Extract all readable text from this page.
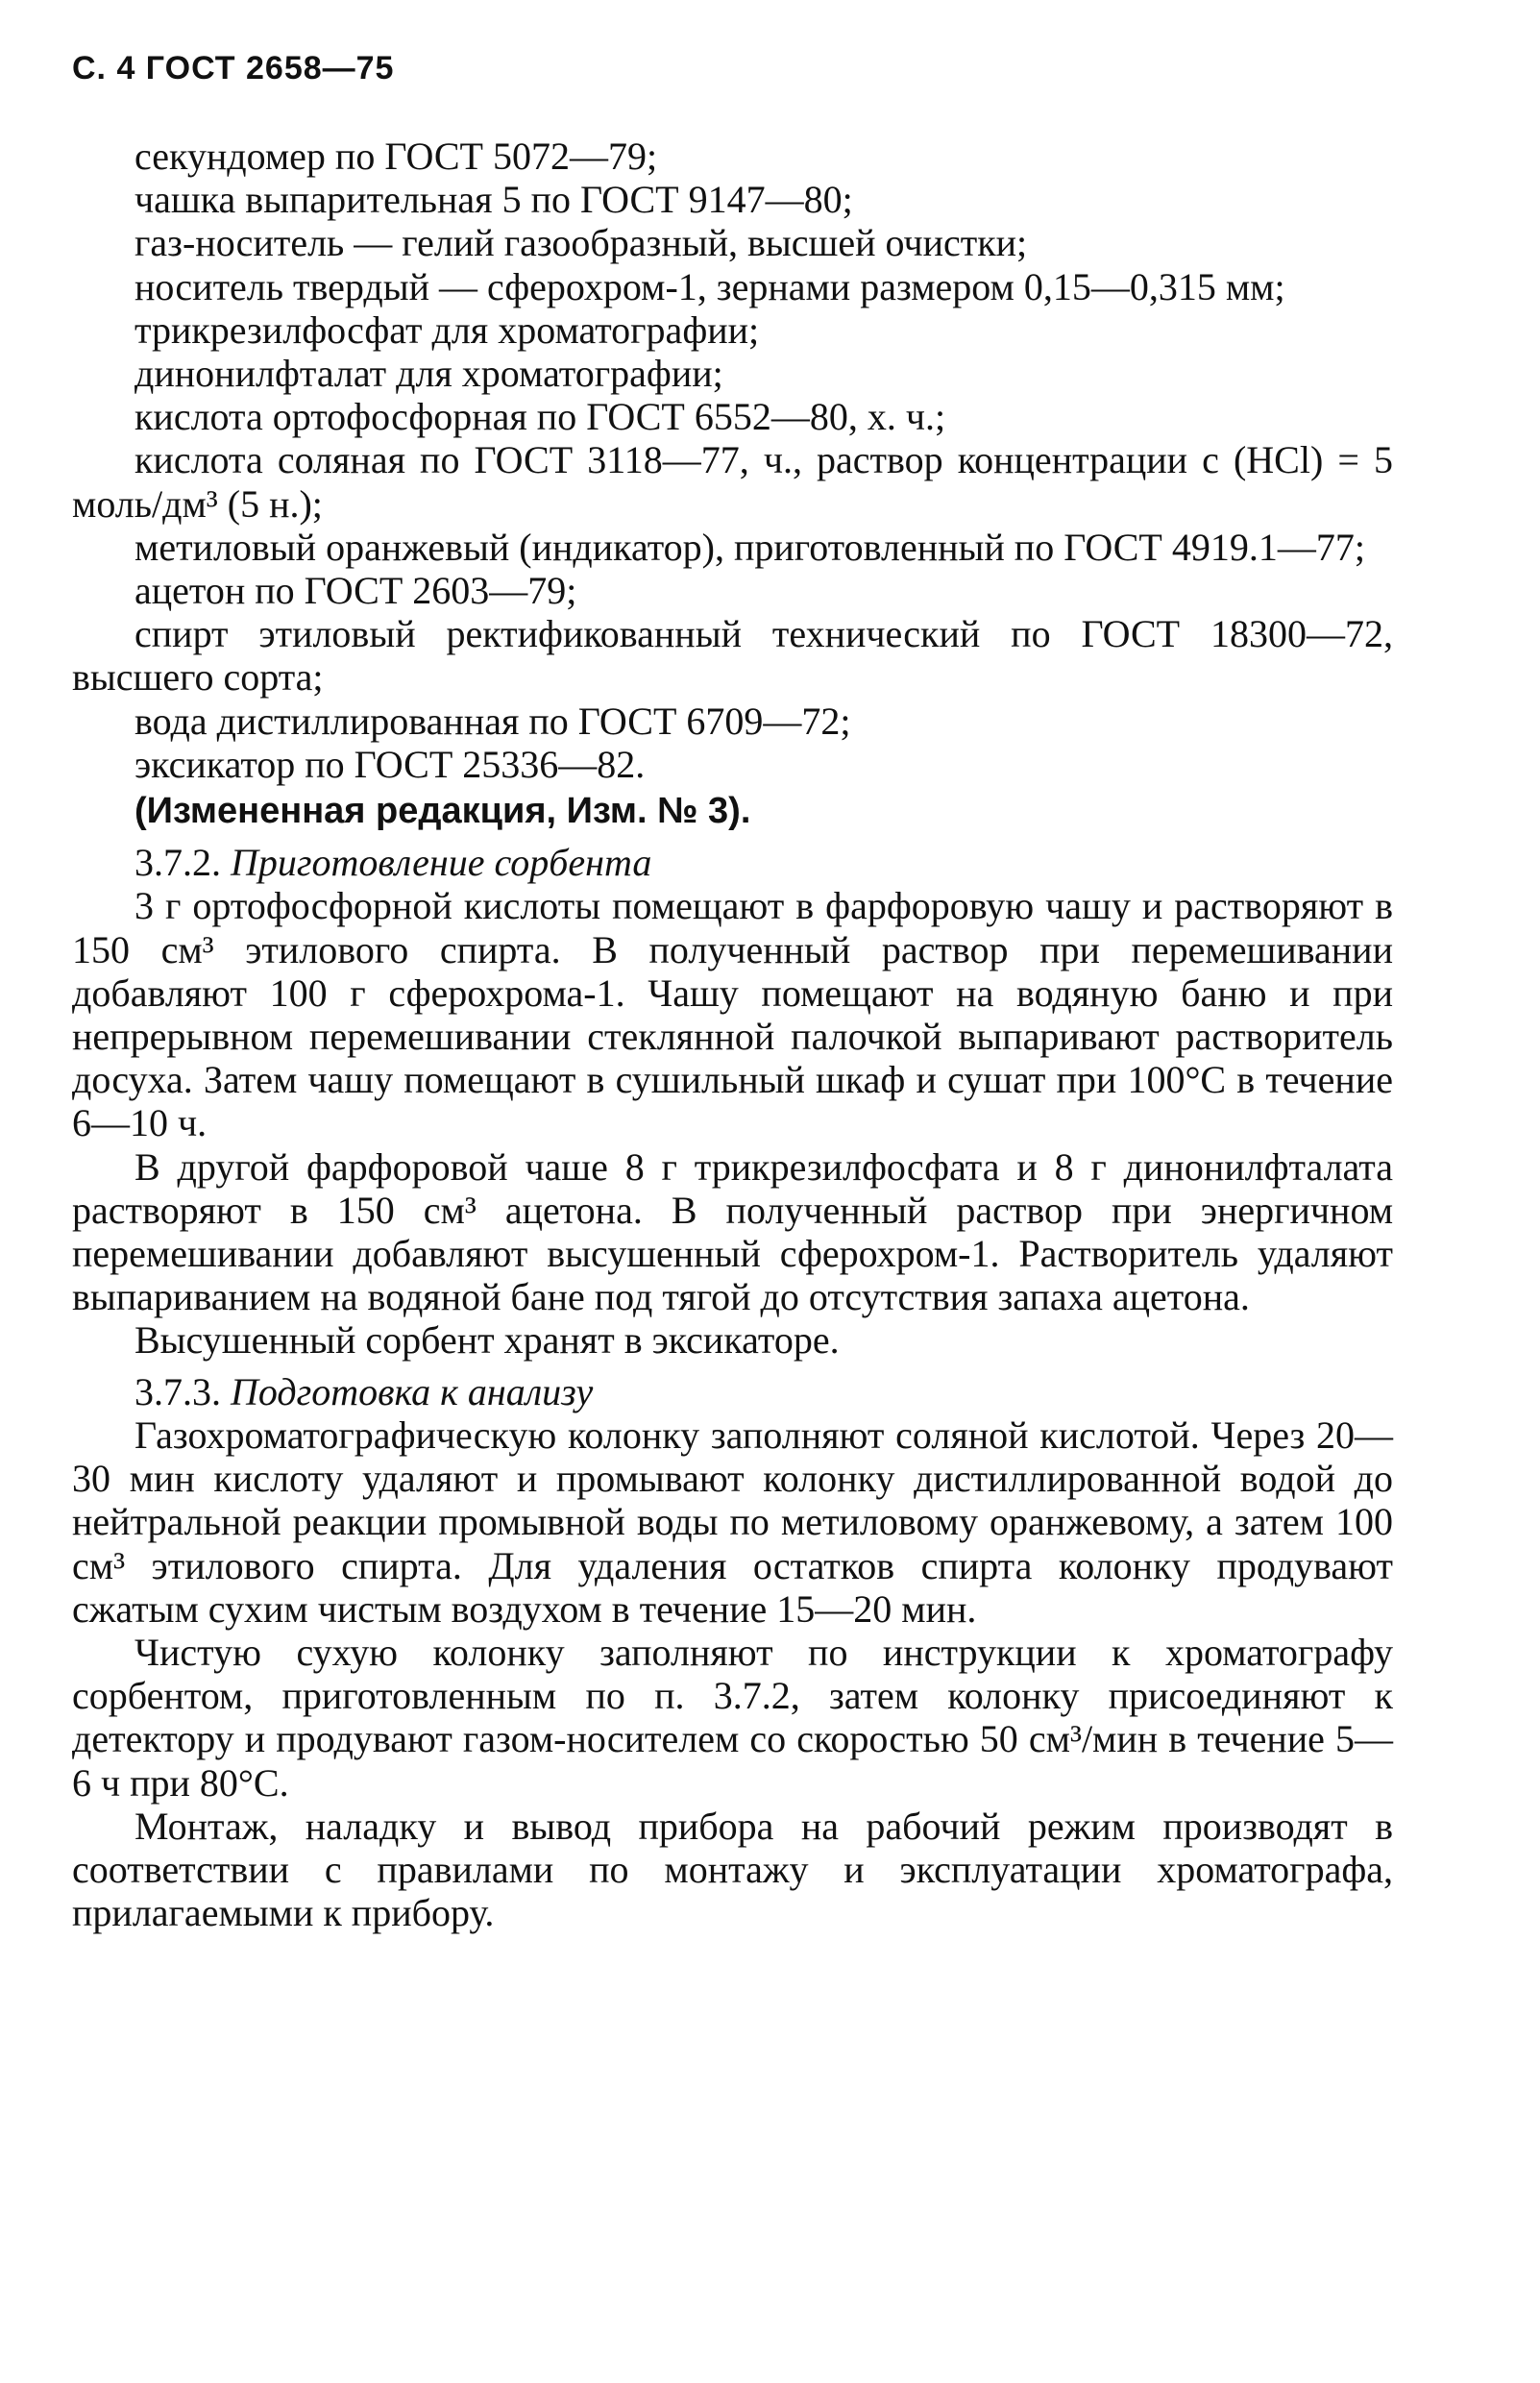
С. 4 ГОСТ 2658—75

секундомер по ГОСТ 5072—79;

чашка выпарительная 5 по ГОСТ 9147—80;

газ-носитель — гелий газообразный, высшей очистки;

носитель твердый — сферохром-1, зернами размером 0,15—0,315 мм;

трикрезилфосфат для хроматографии;

динонилфталат для хроматографии;

кислота ортофосфорная по ГОСТ 6552—80, х. ч.;

кислота соляная по ГОСТ 3118—77, ч., раствор концентрации с (HCl) = 5 моль/дм³ (5 н.);

метиловый оранжевый (индикатор), приготовленный по ГОСТ 4919.1—77;

ацетон по ГОСТ 2603—79;

спирт этиловый ректификованный технический по ГОСТ 18300—72, высшего сорта;

вода дистиллированная по ГОСТ 6709—72;

эксикатор по ГОСТ 25336—82.

(Измененная редакция, Изм. № 3).
3.7.2. Приготовление сорбента

3 г ортофосфорной кислоты помещают в фарфоровую чашу и растворяют в 150 см³ этилового спирта. В полученный раствор при перемешивании добавляют 100 г сферохрома-1. Чашу помещают на водяную баню и при непрерывном перемешивании стеклянной палочкой выпаривают растворитель досуха. Затем чашу помещают в сушильный шкаф и сушат при 100°С в течение 6—10 ч.

В другой фарфоровой чаше 8 г трикрезилфосфата и 8 г динонилфталата растворяют в 150 см³ ацетона. В полученный раствор при энергичном перемешивании добавляют высушенный сферохром-1. Растворитель удаляют выпариванием на водяной бане под тягой до отсутствия запаха ацетона.

Высушенный сорбент хранят в эксикаторе.

3.7.3. Подготовка к анализу

Газохроматографическую колонку заполняют соляной кислотой. Через 20—30 мин кислоту удаляют и промывают колонку дистиллированной водой до нейтральной реакции промывной воды по метиловому оранжевому, а затем 100 см³ этилового спирта. Для удаления остатков спирта колонку продувают сжатым сухим чистым воздухом в течение 15—20 мин.

Чистую сухую колонку заполняют по инструкции к хроматографу сорбентом, приготовленным по п. 3.7.2, затем колонку присоединяют к детектору и продувают газом-носителем со скоростью 50 см³/мин в течение 5—6 ч при 80°С.

Монтаж, наладку и вывод прибора на рабочий режим производят в соответствии с правилами по монтажу и эксплуатации хроматографа, прилагаемыми к прибору.
